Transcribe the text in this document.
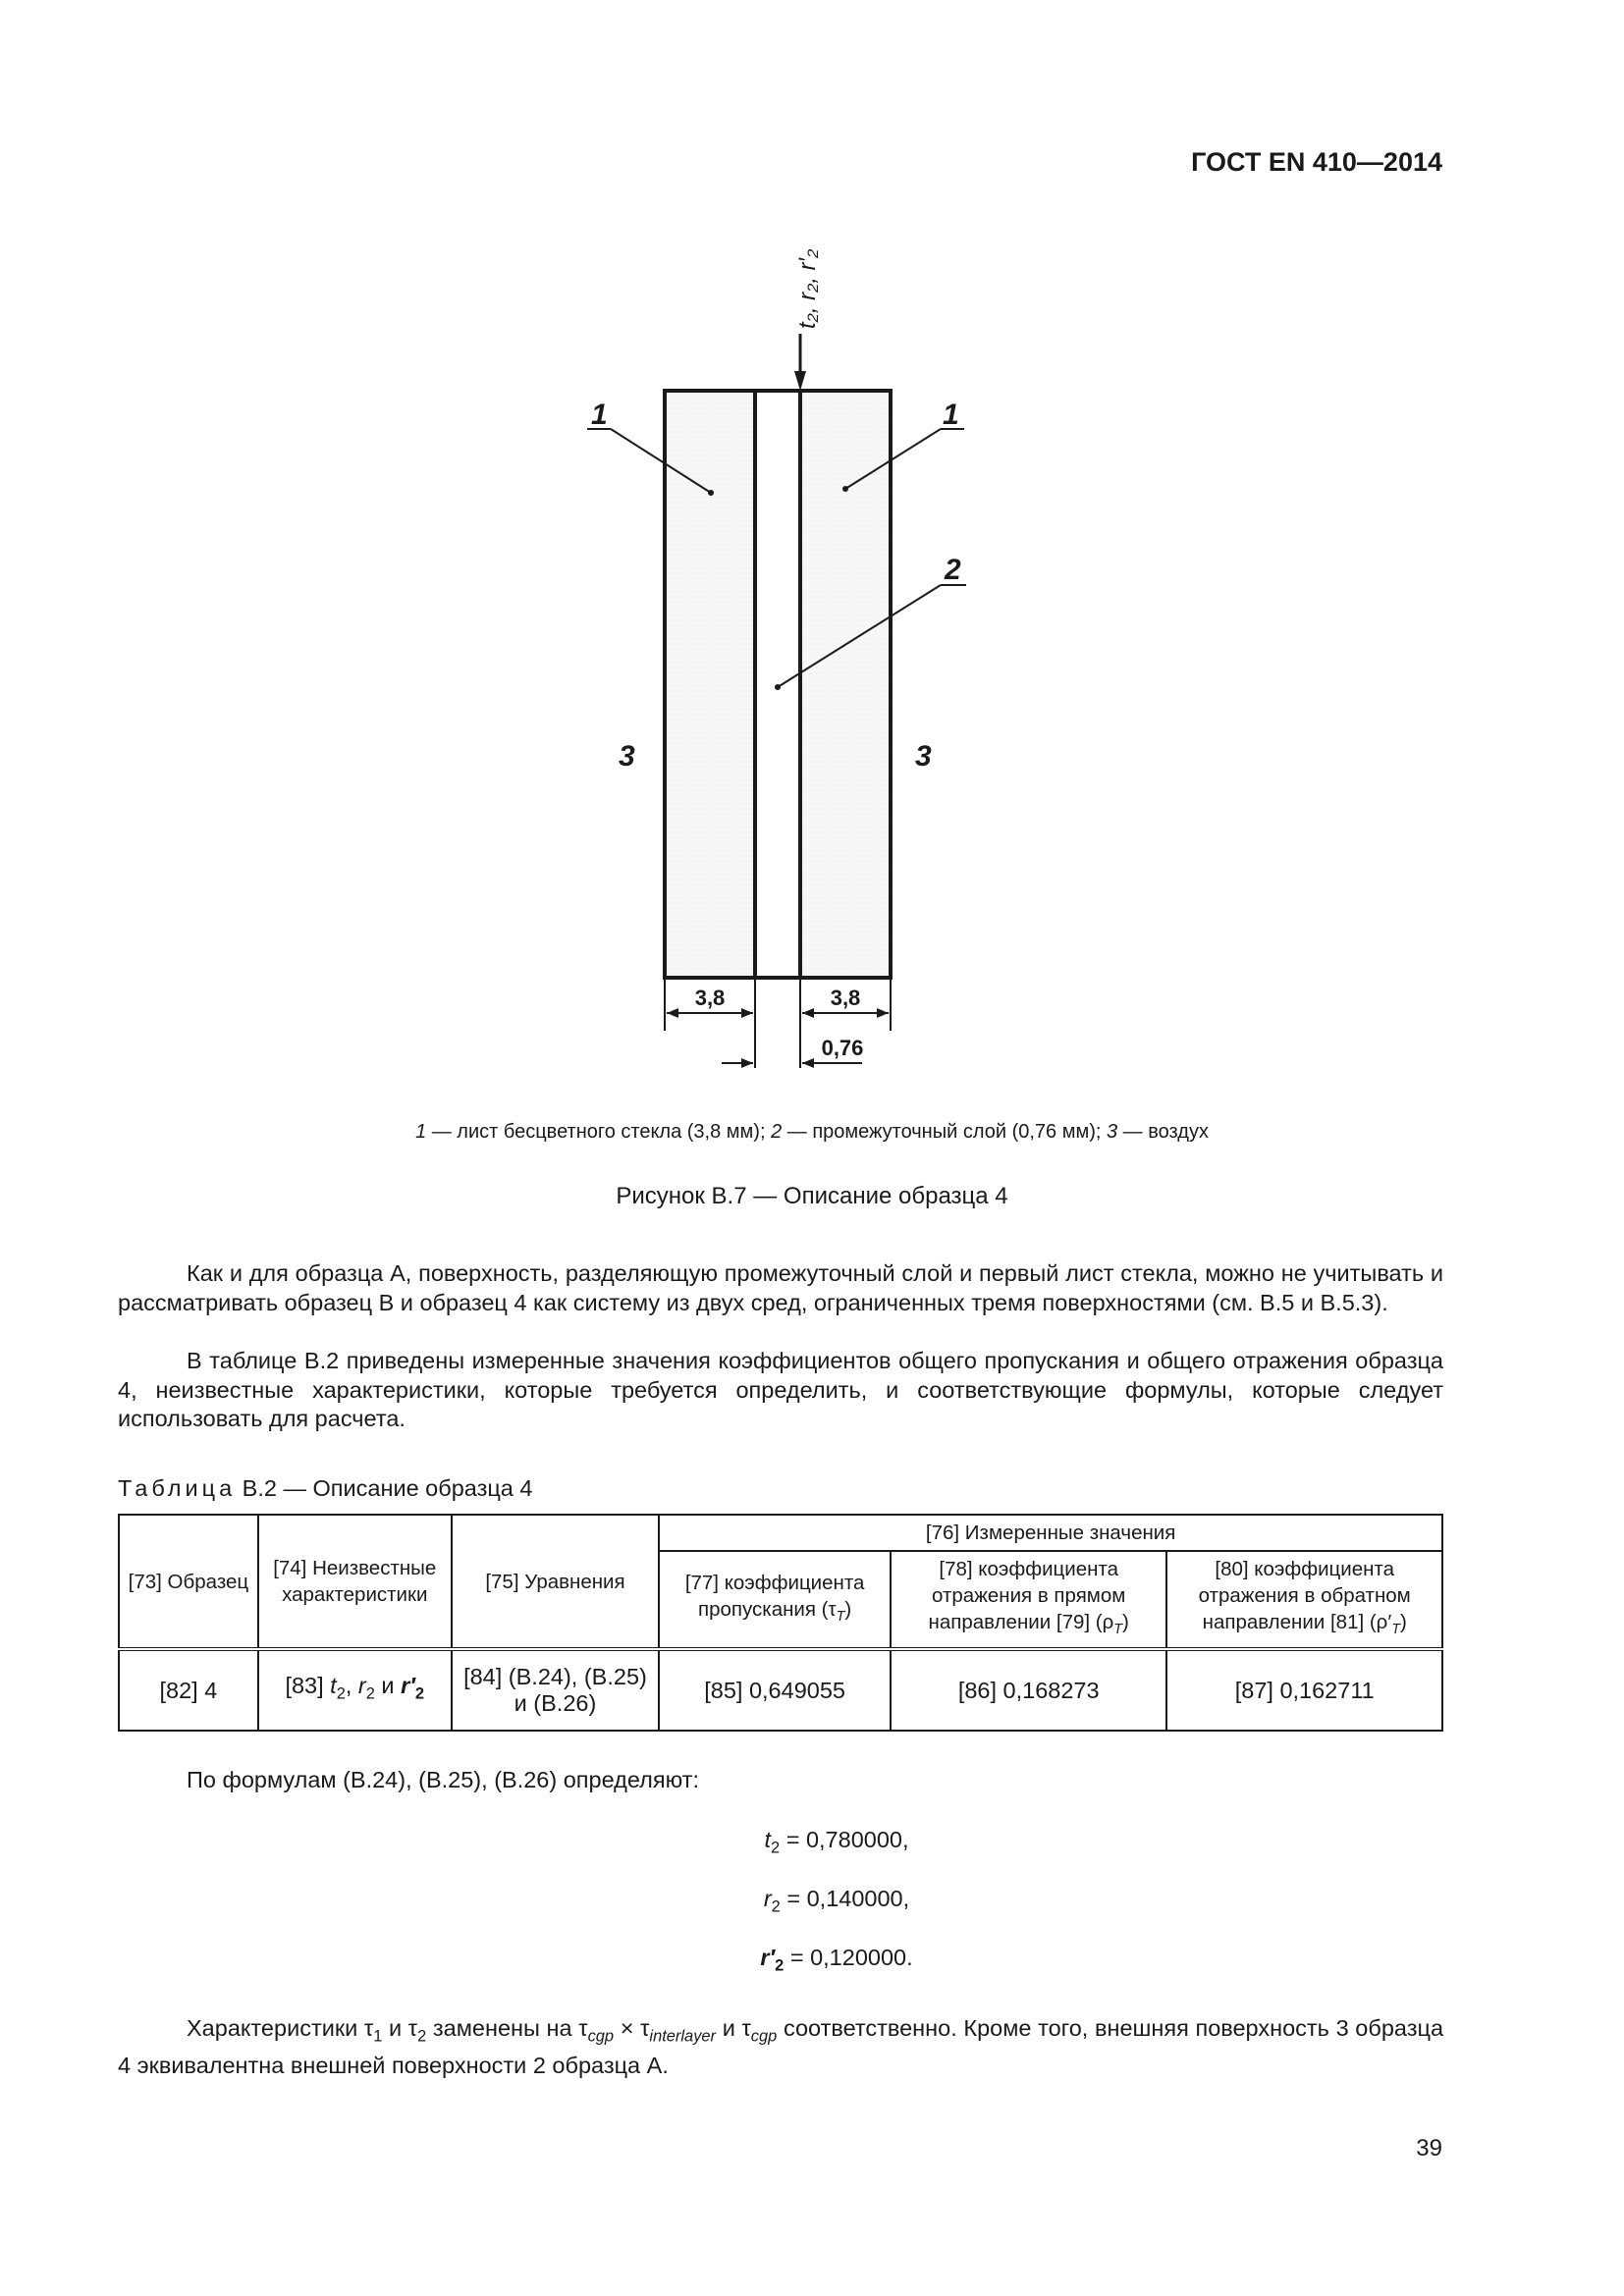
ГОСТ EN 410—2014
t₂, r₂, r′₂
1	1
2
3	3
3,8	3,8
0,76
1 — лист бесцветного стекла (3,8 мм); 2 — промежуточный слой (0,76 мм); 3 — воздух
Рисунок В.7 — Описание образца 4
Как и для образца А, поверхность, разделяющую промежуточный слой и первый лист стекла, можно не учитывать и рассматривать образец В и образец 4 как систему из двух сред, ограниченных тремя поверхностями (см. В.5 и В.5.3).
В таблице В.2 приведены измеренные значения коэффициентов общего пропускания и общего отражения образца 4, неизвестные характеристики, которые требуется определить, и соответствующие формулы, которые следует использовать для расчета.
Таблица В.2 — Описание образца 4
[73] Образец	[74] Неизвестные характеристики	[75] Уравнения	[76] Измеренные значения		
			[77] коэффициента пропускания $(\tau_T)$	[78] коэффициента отражения в прямом направлении [79] $(\rho_T)$	[80] коэффициента отражения в обратном направлении [81] $(\rho'_T)$
[82] 4	[83] $t_2$, $r_2$ и $r'_2$	[84] (В.24), (В.25) и (В.26)	[85] 0,649055	[86] 0,168273	[87] 0,162711
По формулам (В.24), (В.25), (В.26) определяют:
$t_2 = 0,780000$,
$r_2 = 0,140000$,
$r'_2 = 0,120000$.
Характеристики $\tau_1$ и $\tau_2$ заменены на $\tau_{cgp} \times \tau_{interlayer}$ и $\tau_{cgp}$ соответственно. Кроме того, внешняя поверхность 3 образца 4 эквивалентна внешней поверхности 2 образца А.
39
